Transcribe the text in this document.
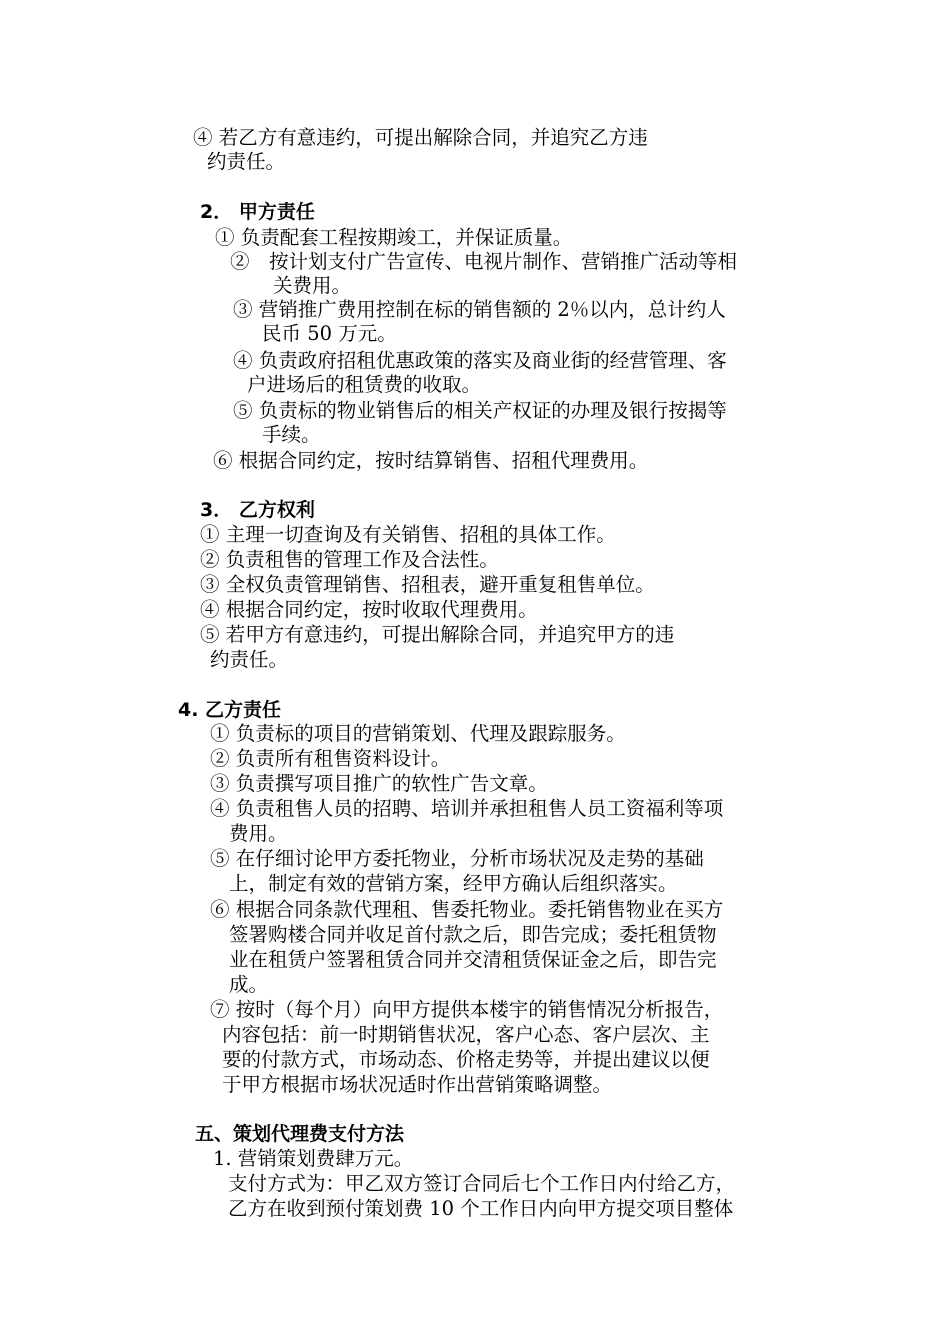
④ 若乙方有意违约，可提出解除合同，并追究乙方违
约责任。
2． 甲方责任
① 负责配套工程按期竣工，并保证质量。
②　按计划支付广告宣传、电视片制作、营销推广活动等相
关费用。
③ 营销推广费用控制在标的销售额的 2％以内，总计约人
民币 50 万元。
④ 负责政府招租优惠政策的落实及商业街的经营管理、客
户进场后的租赁费的收取。
⑤ 负责标的物业销售后的相关产权证的办理及银行按揭等
手续。
⑥ 根据合同约定，按时结算销售、招租代理费用。
3． 乙方权利
① 主理一切查询及有关销售、招租的具体工作。
② 负责租售的管理工作及合法性。
③ 全权负责管理销售、招租表，避开重复租售单位。
④ 根据合同约定，按时收取代理费用。
⑤ 若甲方有意违约，可提出解除合同，并追究甲方的违
约责任。
4. 乙方责任
① 负责标的项目的营销策划、代理及跟踪服务。
② 负责所有租售资料设计。
③ 负责撰写项目推广的软性广告文章。
④ 负责租售人员的招聘、培训并承担租售人员工资福利等项
费用。
⑤ 在仔细讨论甲方委托物业，分析市场状况及走势的基础
上，制定有效的营销方案，经甲方确认后组织落实。
⑥ 根据合同条款代理租、售委托物业。委托销售物业在买方
签署购楼合同并收足首付款之后，即告完成；委托租赁物
业在租赁户签署租赁合同并交清租赁保证金之后，即告完
成。
⑦ 按时（每个月）向甲方提供本楼宇的销售情况分析报告，
内容包括：前一时期销售状况，客户心态、客户层次、主
要的付款方式，市场动态、价格走势等，并提出建议以便
于甲方根据市场状况适时作出营销策略调整。
五、策划代理费支付方法
1. 营销策划费肆万元。
支付方式为：甲乙双方签订合同后七个工作日内付给乙方，
乙方在收到预付策划费 10 个工作日内向甲方提交项目整体
